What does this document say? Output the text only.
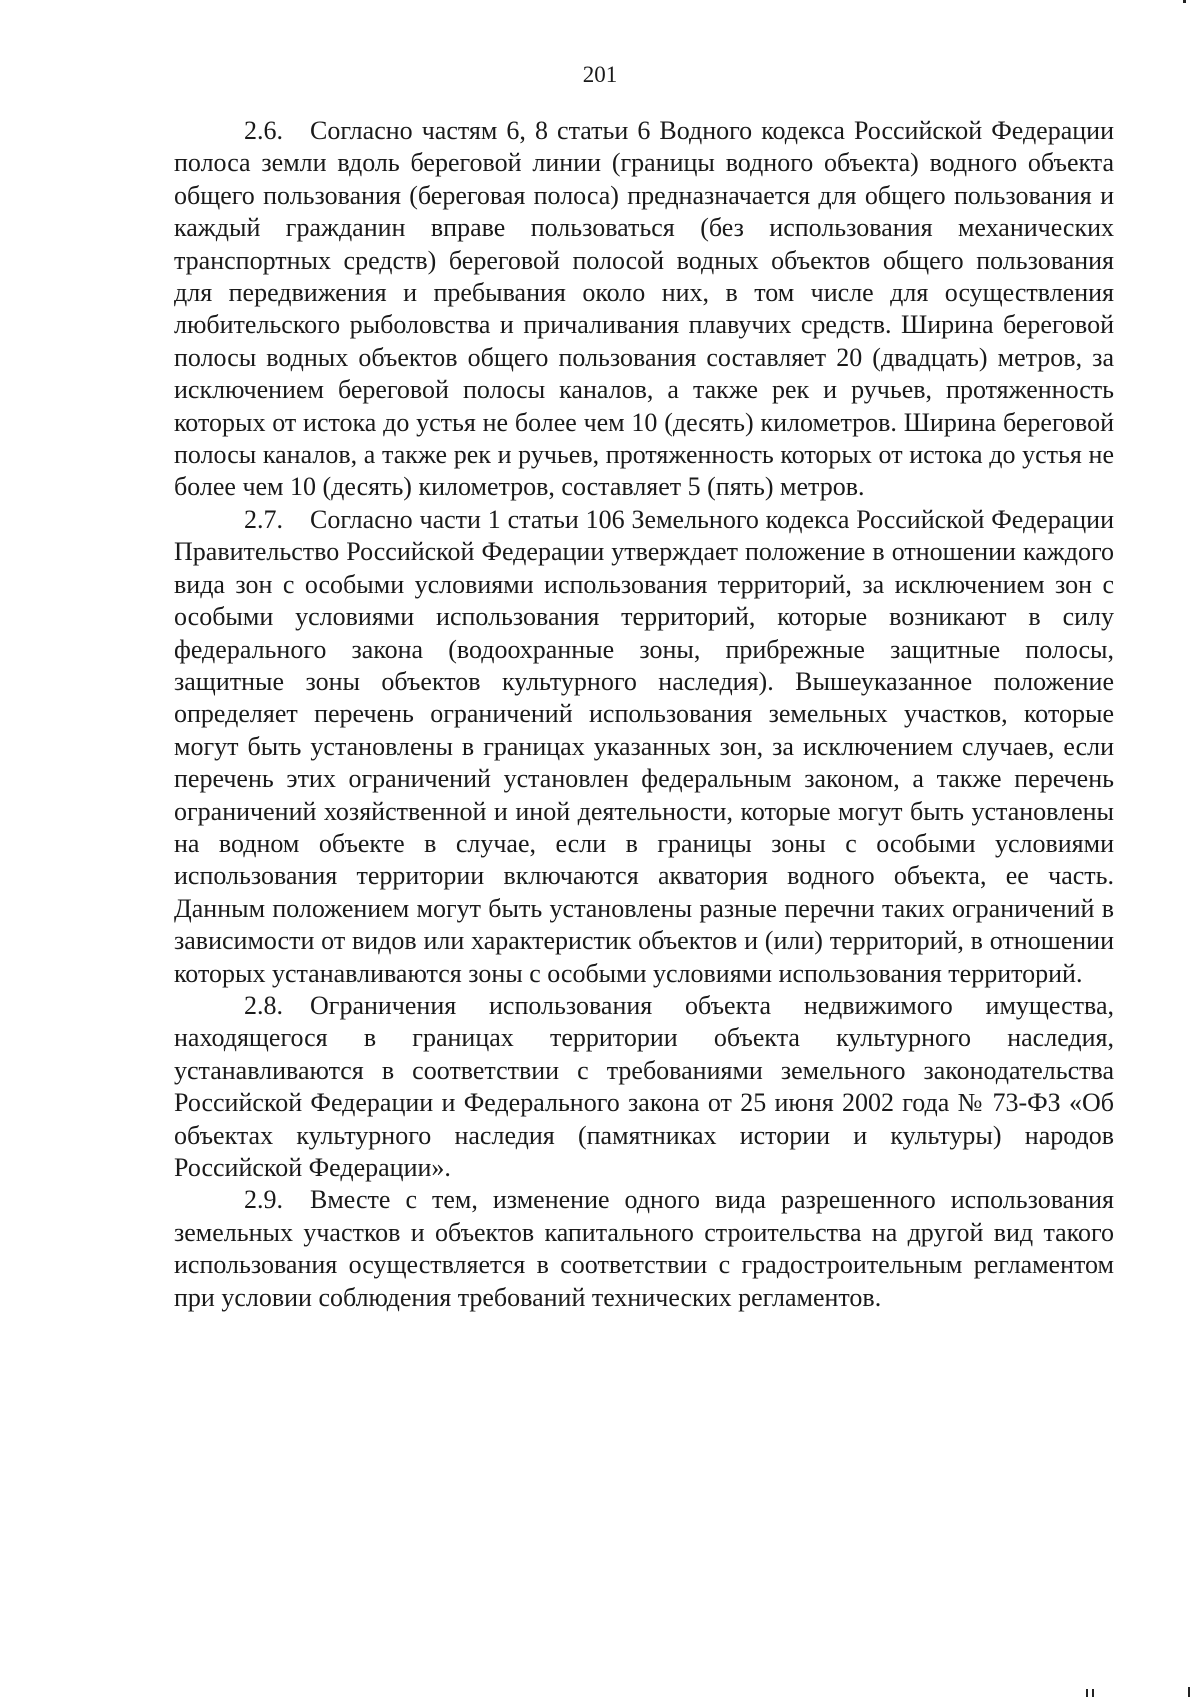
201

2.6. Согласно частям 6, 8 статьи 6 Водного кодекса Российской Федерации полоса земли вдоль береговой линии (границы водного объекта) водного объекта общего пользования (береговая полоса) предназначается для общего пользования и каждый гражданин вправе пользоваться (без использования механических транспортных средств) береговой полосой водных объектов общего пользования для передвижения и пребывания около них, в том числе для осуществления любительского рыболовства и причаливания плавучих средств. Ширина береговой полосы водных объектов общего пользования составляет 20 (двадцать) метров, за исключением береговой полосы каналов, а также рек и ручьев, протяженность которых от истока до устья не более чем 10 (десять) километров. Ширина береговой полосы каналов, а также рек и ручьев, протяженность которых от истока до устья не более чем 10 (десять) километров, составляет 5 (пять) метров.

2.7. Согласно части 1 статьи 106 Земельного кодекса Российской Федерации Правительство Российской Федерации утверждает положение в отношении каждого вида зон с особыми условиями использования территорий, за исключением зон с особыми условиями использования территорий, которые возникают в силу федерального закона (водоохранные зоны, прибрежные защитные полосы, защитные зоны объектов культурного наследия). Вышеуказанное положение определяет перечень ограничений использования земельных участков, которые могут быть установлены в границах указанных зон, за исключением случаев, если перечень этих ограничений установлен федеральным законом, а также перечень ограничений хозяйственной и иной деятельности, которые могут быть установлены на водном объекте в случае, если в границы зоны с особыми условиями использования территории включаются акватория водного объекта, ее часть. Данным положением могут быть установлены разные перечни таких ограничений в зависимости от видов или характеристик объектов и (или) территорий, в отношении которых устанавливаются зоны с особыми условиями использования территорий.

2.8. Ограничения использования объекта недвижимого имущества, находящегося в границах территории объекта культурного наследия, устанавливаются в соответствии с требованиями земельного законодательства Российской Федерации и Федерального закона от 25 июня 2002 года № 73-ФЗ «Об объектах культурного наследия (памятниках истории и культуры) народов Российской Федерации».

2.9. Вместе с тем, изменение одного вида разрешенного использования земельных участков и объектов капитального строительства на другой вид такого использования осуществляется в соответствии с градостроительным регламентом при условии соблюдения требований технических регламентов.
